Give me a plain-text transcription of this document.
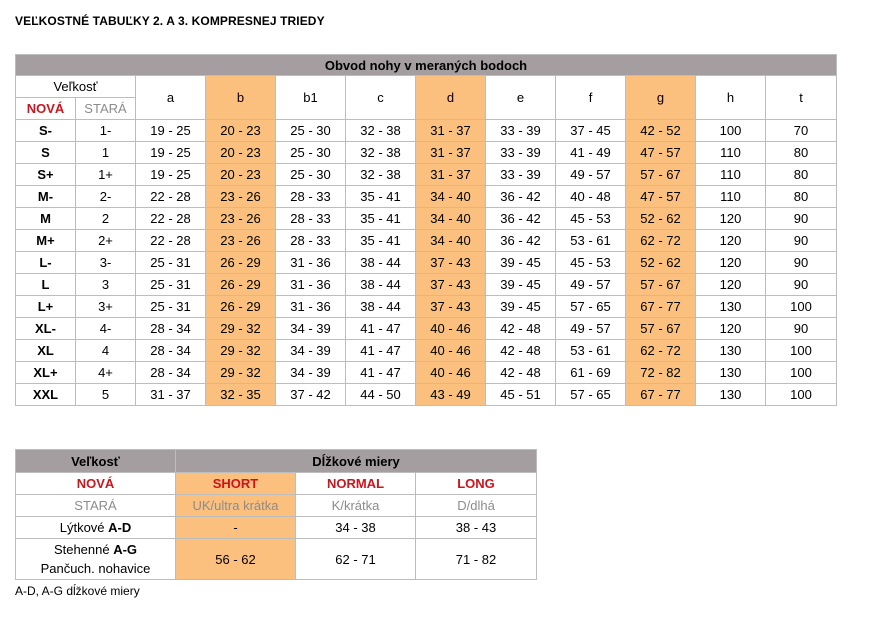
VEĽKOSTNÉ TABUĽKY 2. A 3. KOMPRESNEJ TRIEDY
Obvod nohy v meraných bodoch											
Veľkosť		a	b	b1	c	d	e	f	g	h	t
NOVÁ	STARÁ										
S-	1-	19 - 25	20 - 23	25 - 30	32 - 38	31 - 37	33 - 39	37 - 45	42 - 52	100	70
S	1	19 - 25	20 - 23	25 - 30	32 - 38	31 - 37	33 - 39	41 - 49	47 - 57	110	80
S+	1+	19 - 25	20 - 23	25 - 30	32 - 38	31 - 37	33 - 39	49 - 57	57 - 67	110	80
M-	2-	22 - 28	23 - 26	28 - 33	35 - 41	34 - 40	36 - 42	40 - 48	47 - 57	110	80
M	2	22 - 28	23 - 26	28 - 33	35 - 41	34 - 40	36 - 42	45 - 53	52 - 62	120	90
M+	2+	22 - 28	23 - 26	28 - 33	35 - 41	34 - 40	36 - 42	53 - 61	62 - 72	120	90
L-	3-	25 - 31	26 - 29	31 - 36	38 - 44	37 - 43	39 - 45	45 - 53	52 - 62	120	90
L	3	25 - 31	26 - 29	31 - 36	38 - 44	37 - 43	39 - 45	49 - 57	57 - 67	120	90
L+	3+	25 - 31	26 - 29	31 - 36	38 - 44	37 - 43	39 - 45	57 - 65	67 - 77	130	100
XL-	4-	28 - 34	29 - 32	34 - 39	41 - 47	40 - 46	42 - 48	49 - 57	57 - 67	120	90
XL	4	28 - 34	29 - 32	34 - 39	41 - 47	40 - 46	42 - 48	53 - 61	62 - 72	130	100
XL+	4+	28 - 34	29 - 32	34 - 39	41 - 47	40 - 46	42 - 48	61 - 69	72 - 82	130	100
XXL	5	31 - 37	32 - 35	37 - 42	44 - 50	43 - 49	45 - 51	57 - 65	67 - 77	130	100
Veľkosť	Dĺžkové miery		
NOVÁ	SHORT	NORMAL	LONG
STARÁ	UK/ultra krátka	K/krátka	D/dlhá
Lýtkové A-D	-	34 - 38	38 - 43
Stehenné A-G
Pančuch. nohavice	56 - 62	62 - 71	71 - 82
A-D, A-G dĺžkové miery
